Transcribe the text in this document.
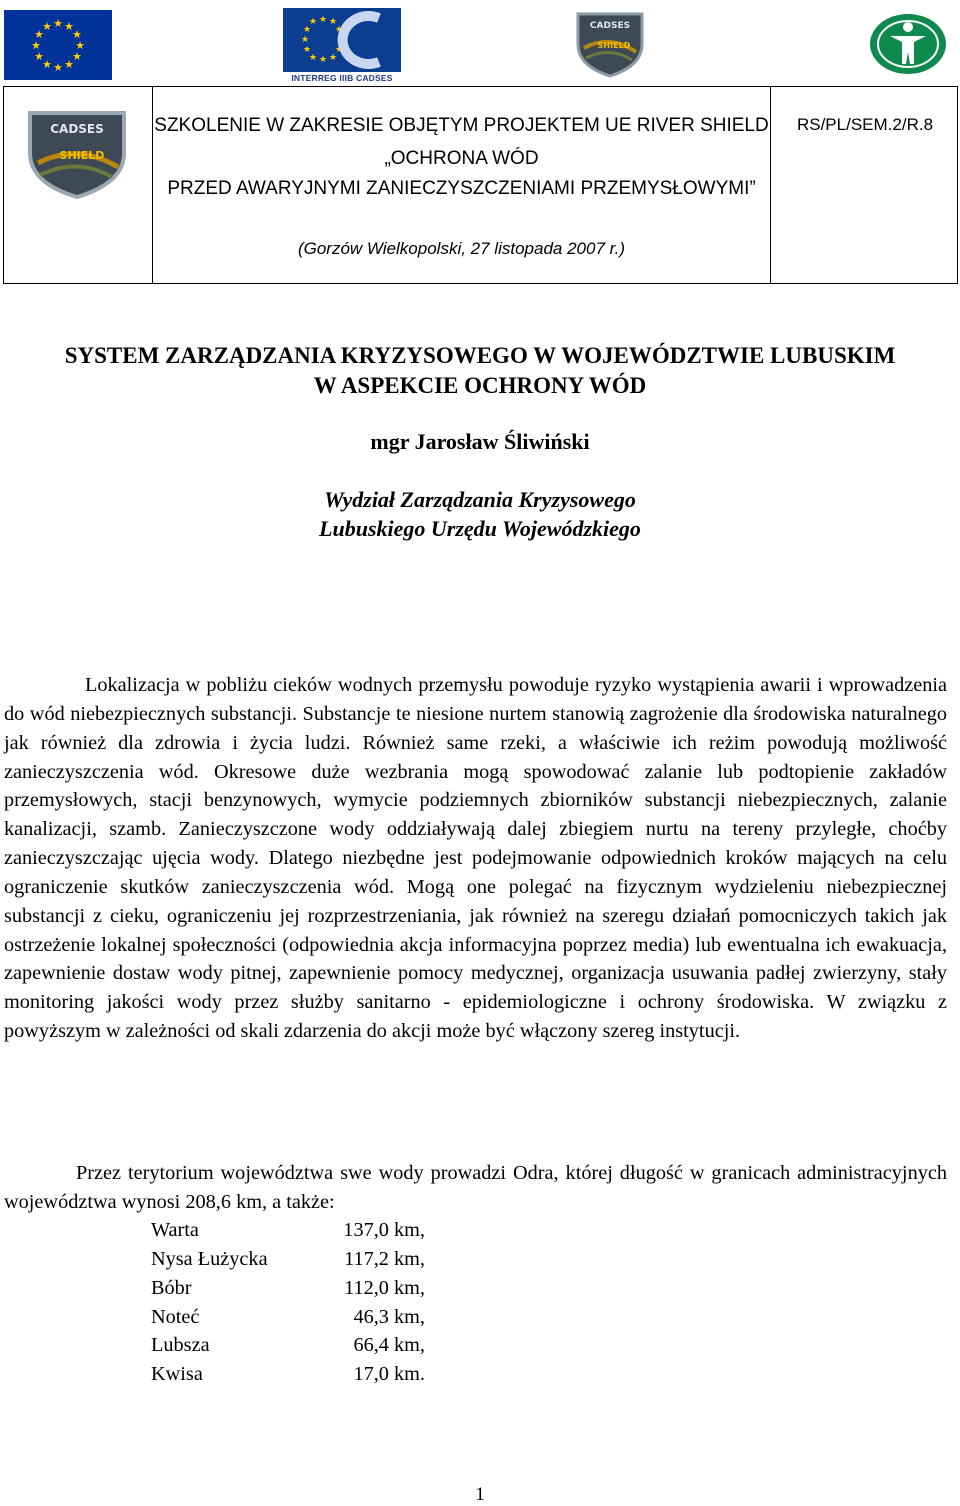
★ ★
★
★
★
★
★
★
★
★
★
★	★ ★
★
★
★
★
★
★
★
★
★
★
INTERREG IIIB CADSES
CADSES
SHIELD
CADSES
SHIELD
SZKOLENIE W ZAKRESIE OBJĘTYM PROJEKTEM UE RIVER SHIELD
„OCHRONA WÓD
PRZED AWARYJNYMI ZANIECZYSZCZENIAMI PRZEMYSŁOWYMI”
(Gorzów Wielkopolski, 27 listopada 2007 r.)
RS/PL/SEM.2/R.8
SYSTEM ZARZĄDZANIA KRYZYSOWEGO W WOJEWÓDZTWIE LUBUSKIM
W ASPEKCIE OCHRONY WÓD
mgr Jarosław Śliwiński
Wydział Zarządzania Kryzysowego
Lubuskiego Urzędu Wojewódzkiego
Lokalizacja w pobliżu cieków wodnych przemysłu powoduje ryzyko wystąpienia awarii i wprowadzenia do wód niebezpiecznych substancji. Substancje te niesione nurtem stanowią zagrożenie dla środowiska naturalnego jak również dla zdrowia i życia ludzi. Również same rzeki, a właściwie ich reżim powodują możliwość zanieczyszczenia wód. Okresowe duże wezbrania mogą spowodować zalanie lub podtopienie zakładów przemysłowych, stacji benzynowych, wymycie podziemnych zbiorników substancji niebezpiecznych, zalanie kanalizacji, szamb. Zanieczyszczone wody oddziaływają dalej zbiegiem nurtu na tereny przyległe, choćby zanieczyszczając ujęcia wody. Dlatego niezbędne jest podejmowanie odpowiednich kroków mających na celu ograniczenie skutków zanieczyszczenia wód. Mogą one polegać na fizycznym wydzieleniu niebezpiecznej substancji z cieku, ograniczeniu jej rozprzestrzeniania, jak również na szeregu działań pomocniczych takich jak ostrzeżenie lokalnej społeczności (odpowiednia akcja informacyjna poprzez media) lub ewentualna ich ewakuacja, zapewnienie dostaw wody pitnej, zapewnienie pomocy medycznej, organizacja usuwania padłej zwierzyny, stały monitoring jakości wody przez służby sanitarno - epidemiologiczne i ochrony środowiska. W związku z powyższym w zależności od skali zdarzenia do akcji może być włączony szereg instytucji.
Przez terytorium województwa swe wody prowadzi Odra, której długość w granicach administracyjnych województwa wynosi 208,6 km, a także:
Warta	137,0 km,
Nysa Łużycka	117,2 km,
Bóbr	112,0 km,
Noteć	46,3 km,
Lubsza	66,4 km,
Kwisa	17,0 km.
1
